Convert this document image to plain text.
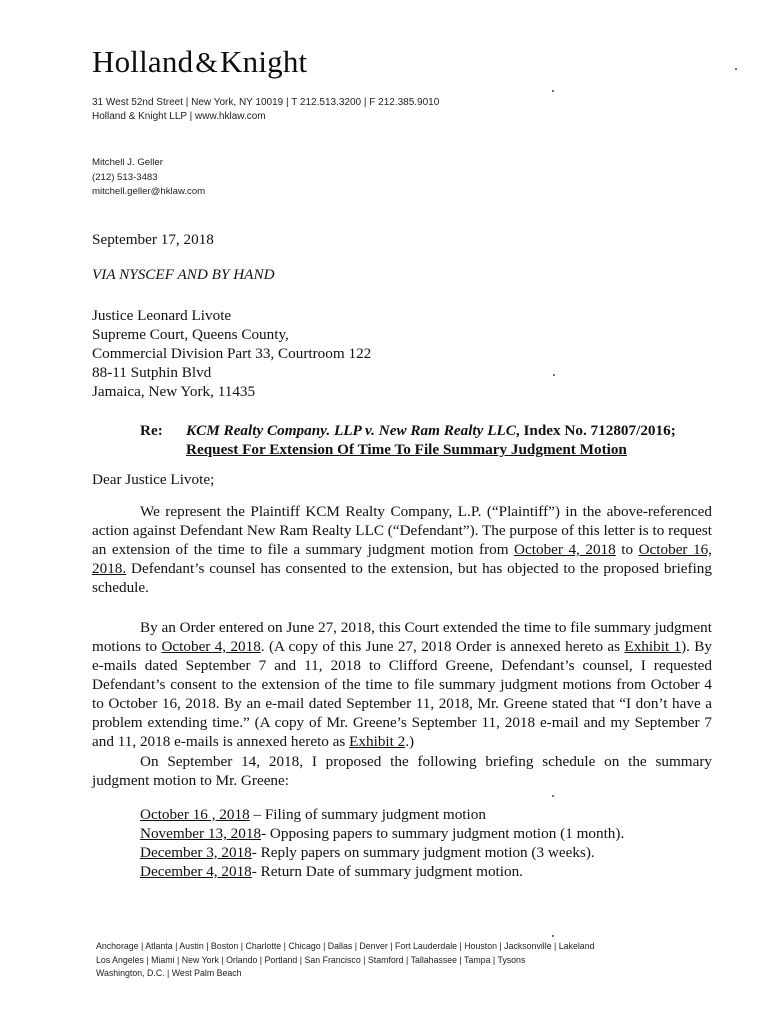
Holland&Knight
31 West 52nd Street | New York, NY 10019 | T 212.513.3200 | F 212.385.9010
Holland & Knight LLP | www.hklaw.com
Mitchell J. Geller
(212) 513-3483
mitchell.geller@hklaw.com
September 17, 2018
VIA NYSCEF AND BY HAND
Justice Leonard Livote
Supreme Court, Queens County,
Commercial Division Part 33, Courtroom 122
88-11 Sutphin Blvd
Jamaica, New York, 11435
Re: KCM Realty Company. LLP v. New Ram Realty LLC, Index No. 712807/2016;
Request For Extension Of Time To File Summary Judgment Motion
Dear Justice Livote;
We represent the Plaintiff KCM Realty Company, L.P. (“Plaintiff”) in the above-referenced action against Defendant New Ram Realty LLC (“Defendant”). The purpose of this letter is to request an extension of the time to file a summary judgment motion from October 4, 2018 to October 16, 2018. Defendant’s counsel has consented to the extension, but has objected to the proposed briefing schedule.
By an Order entered on June 27, 2018, this Court extended the time to file summary judgment motions to October 4, 2018. (A copy of this June 27, 2018 Order is annexed hereto as Exhibit 1). By e-mails dated September 7 and 11, 2018 to Clifford Greene, Defendant’s counsel, I requested Defendant’s consent to the extension of the time to file summary judgment motions from October 4 to October 16, 2018. By an e-mail dated September 11, 2018, Mr. Greene stated that “I don’t have a problem extending time.” (A copy of Mr. Greene’s September 11, 2018 e-mail and my September 7 and 11, 2018 e-mails is annexed hereto as Exhibit 2.)
On September 14, 2018, I proposed the following briefing schedule on the summary judgment motion to Mr. Greene:
October 16 , 2018 – Filing of summary judgment motion
November 13, 2018- Opposing papers to summary judgment motion (1 month).
December 3, 2018- Reply papers on summary judgment motion (3 weeks).
December 4, 2018- Return Date of summary judgment motion.
Anchorage | Atlanta | Austin | Boston | Charlotte | Chicago | Dallas | Denver | Fort Lauderdale | Houston | Jacksonville | Lakeland
Los Angeles | Miami | New York | Orlando | Portland | San Francisco | Stamford | Tallahassee | Tampa | Tysons
Washington, D.C. | West Palm Beach
